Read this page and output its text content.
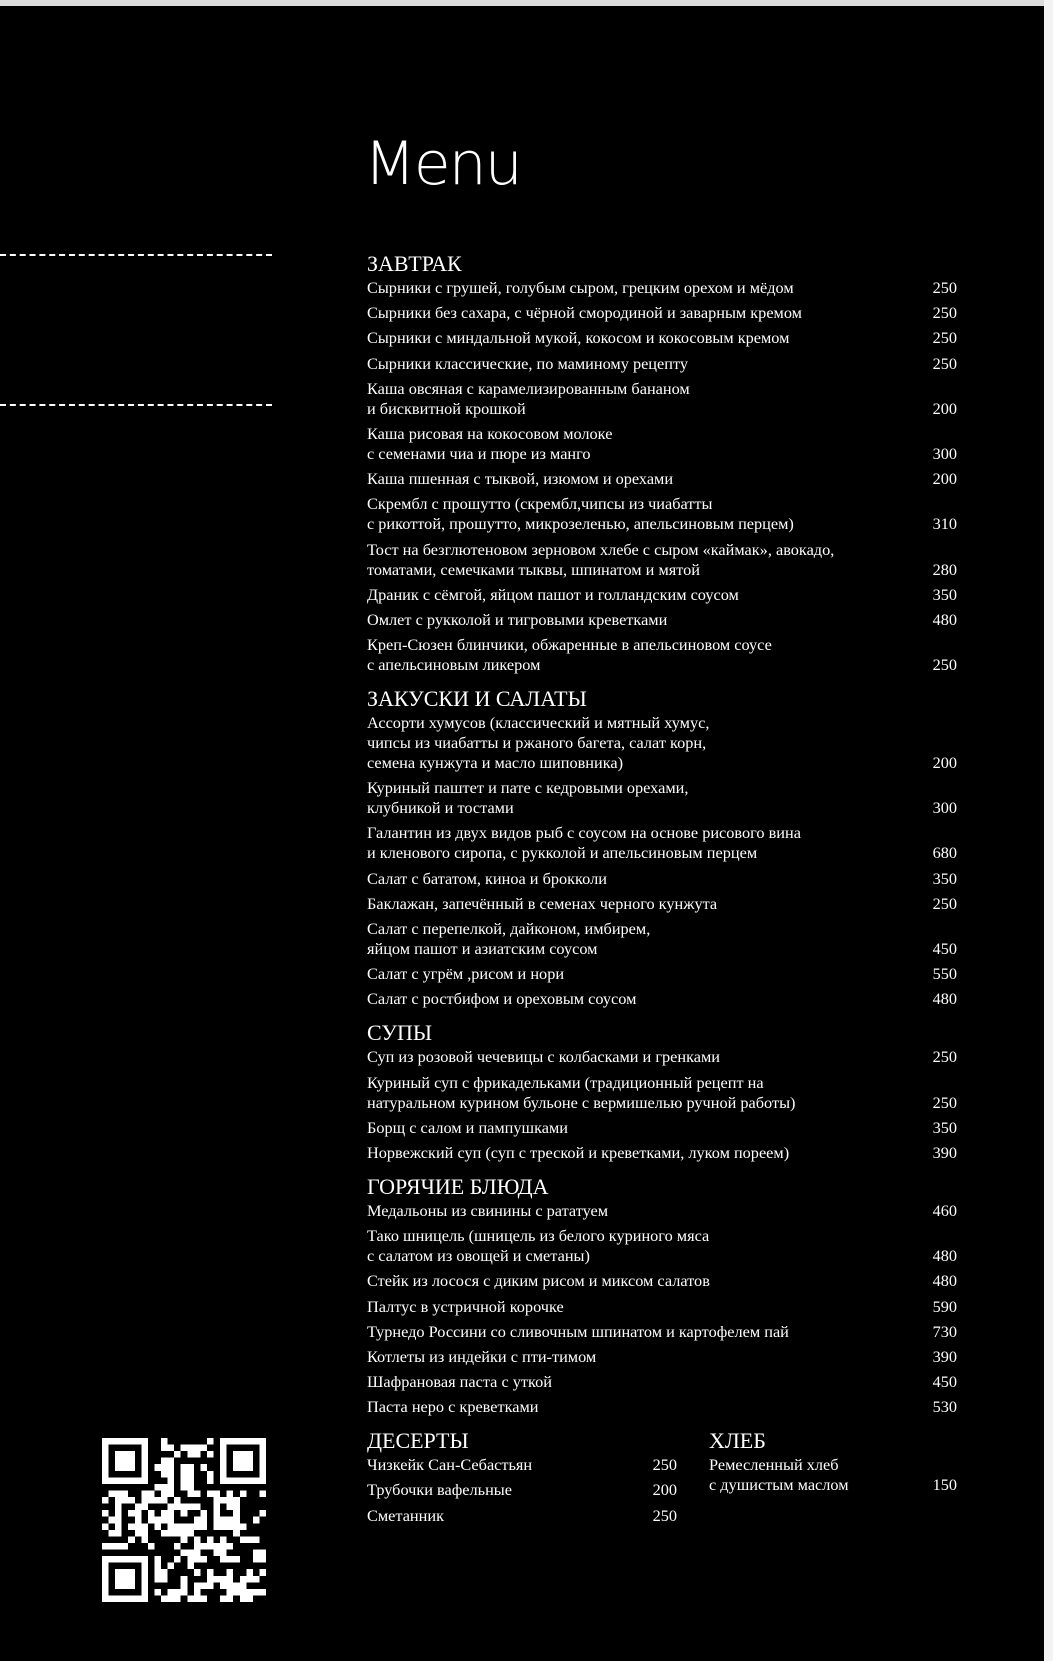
Menu
ЗАВТРАК
Сырники с грушей, голубым сыром, грецким орехом и мёдом	250
Сырники без сахара, с чёрной смородиной и заварным кремом	250
Сырники с миндальной мукой, кокосом и кокосовым кремом	250
Сырники классические, по маминому рецепту	250
Каша овсяная с карамелизированным бананом
и бисквитной крошкой	200
Каша рисовая на кокосовом молоке
с семенами чиа и пюре из манго	300
Каша пшенная с тыквой, изюмом и орехами	200
Скрембл с прошутто (скрембл,чипсы из чиабатты
с рикоттой, прошутто, микрозеленью, апельсиновым перцем)	310
Тост на безглютеновом зерновом хлебе с сыром «каймак», авокадо,
томатами, семечками тыквы, шпинатом и мятой	280
Драник с сёмгой, яйцом пашот и голландским соусом	350
Омлет с рукколой и тигровыми креветками	480
Креп-Сюзен блинчики, обжаренные в апельсиновом соусе
с апельсиновым ликером	250
ЗАКУСКИ И САЛАТЫ
Ассорти хумусов (классический и мятный хумус,
чипсы из чиабатты и ржаного багета, салат корн,
семена кунжута и масло шиповника)	200
Куриный паштет и пате с кедровыми орехами,
клубникой и тостами	300
Галантин из двух видов рыб с соусом на основе рисового вина
и кленового сиропа, с рукколой и апельсиновым перцем	680
Салат с бататом, киноа и брокколи	350
Баклажан, запечённый в семенах черного кунжута	250
Салат с перепелкой, дайконом, имбирем,
яйцом пашот и азиатским соусом	450
Салат с угрём ,рисом и нори	550
Салат с ростбифом и ореховым соусом	480
СУПЫ
Суп из розовой чечевицы с колбасками и гренками	250
Куриный суп с фрикадельками (традиционный рецепт на
натуральном курином бульоне с вермишелью ручной работы)	250
Борщ с салом и пампушками	350
Норвежский суп (суп с треской и креветками, луком пореем)	390
ГОРЯЧИЕ БЛЮДА
Медальоны из свинины с рататуем	460
Тако шницель (шницель из белого куриного мяса
с салатом из овощей и сметаны)	480
Стейк из лосося с диким рисом и миксом салатов	480
Палтус в устричной корочке	590
Турнедо Россини со сливочным шпинатом и картофелем пай	730
Котлеты из индейки с пти-тимом	390
Шафрановая паста с уткой	450
Паста неро с креветками	530
ДЕСЕРТЫ
Чизкейк Сан-Себастьян	250
Трубочки вафельные	200
Сметанник	250
ХЛЕБ
Ремесленный хлеб
с душистым маслом	150
